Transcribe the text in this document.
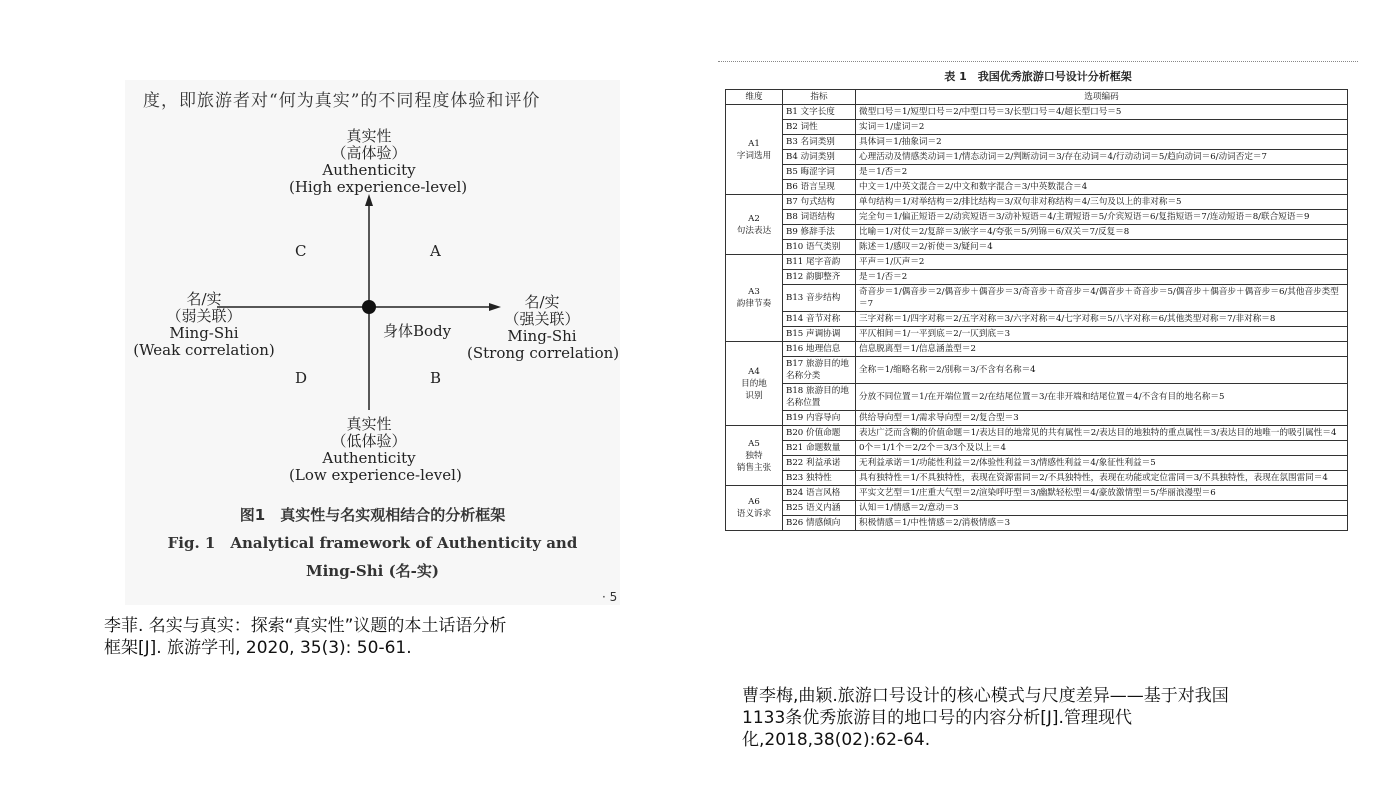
度，即旅游者对“何为真实”的不同程度体验和评价
真实性
（高体验）
Authenticity
(High experience-level)
名/实
（弱关联）
Ming-Shi
(Weak correlation)
名/实
（强关联）
Ming-Shi
(Strong correlation)
真实性
（低体验）
Authenticity
(Low experience-level)
身体Body
C	A
D	B
图1　真实性与名实观相结合的分析框架
Fig. 1　Analytical framework of Authenticity and
Ming-Shi (名-实)
· 5
李菲. 名实与真实：探索“真实性”议题的本土话语分析
框架[J]. 旅游学刊, 2020, 35(3): 50-61.
表 1　我国优秀旅游口号设计分析框架
维度	指标	选项编码

A1
字词选用	B1 文字长度	微型口号＝1/短型口号＝2/中型口号＝3/长型口号＝4/超长型口号＝5
	B2 词性	实词＝1/虚词＝2
	B3 名词类别	具体词＝1/抽象词＝2
	B4 动词类别	心理活动及情感类动词＝1/情态动词＝2/判断动词＝3/存在动词＝4/行动动词＝5/趋向动词＝6/动词否定＝7
	B5 晦涩字词	是＝1/否＝2
	B6 语言呈现	中文＝1/中英文混合＝2/中文和数字混合＝3/中英数混合＝4

A2
句法表达	B7 句式结构	单句结构＝1/对举结构＝2/排比结构＝3/双句非对称结构＝4/三句及以上的非对称＝5
	B8 词语结构	完全句＝1/偏正短语＝2/动宾短语＝3/动补短语＝4/主谓短语＝5/介宾短语＝6/复指短语＝7/连动短语＝8/联合短语＝9
	B9 修辞手法	比喻＝1/对仗＝2/复辞＝3/嵌字＝4/夸张＝5/列锦＝6/双关＝7/反复＝8
	B10 语气类别	陈述＝1/感叹＝2/祈使＝3/疑问＝4

A3
韵律节奏	B11 尾字音韵	平声＝1/仄声＝2
	B12 韵脚整齐	是＝1/否＝2
	B13 音步结构	奇音步＝1/偶音步＝2/偶音步＋偶音步＝3/奇音步＋奇音步＝4/偶音步＋奇音步＝5/偶音步＋偶音步＋偶音步＝6/其他音步类型＝7
	B14 音节对称	三字对称＝1/四字对称＝2/五字对称＝3/六字对称＝4/七字对称＝5/八字对称＝6/其他类型对称＝7/非对称＝8
	B15 声调协调	平仄相间＝1/一平到底＝2/一仄到底＝3

A4
目的地
识别	B16 地理信息	信息脱离型＝1/信息涵盖型＝2
	B17 旅游目的地名称分类	全称＝1/缩略名称＝2/别称＝3/不含有名称＝4
	B18 旅游目的地名称位置	分放不同位置＝1/在开端位置＝2/在结尾位置＝3/在非开端和结尾位置＝4/不含有目的地名称＝5
	B19 内容导向	供给导向型＝1/需求导向型＝2/复合型＝3

A5
独特
销售主张	B20 价值命题	表达广泛而含糊的价值命题＝1/表达目的地常见的共有属性＝2/表达目的地独特的重点属性＝3/表达目的地唯一的吸引属性＝4
	B21 命题数量	0个＝1/1个＝2/2个＝3/3个及以上＝4
	B22 利益承诺	无利益承诺＝1/功能性利益＝2/体验性利益＝3/情感性利益＝4/象征性利益＝5
	B23 独特性	具有独特性＝1/不具独特性，表现在资源雷同＝2/不具独特性，表现在功能或定位雷同＝3/不具独特性，表现在氛围雷同＝4

A6
语义诉求	B24 语言风格	平实文艺型＝1/庄重大气型＝2/渲染呼吁型＝3/幽默轻松型＝4/豪放激情型＝5/华丽浪漫型＝6
	B25 语义内涵	认知＝1/情感＝2/意动＝3
	B26 情感倾向	积极情感＝1/中性情感＝2/消极情感＝3
曹李梅,曲颖.旅游口号设计的核心模式与尺度差异——基于对我国
1133条优秀旅游目的地口号的内容分析[J].管理现代
化,2018,38(02):62-64.
